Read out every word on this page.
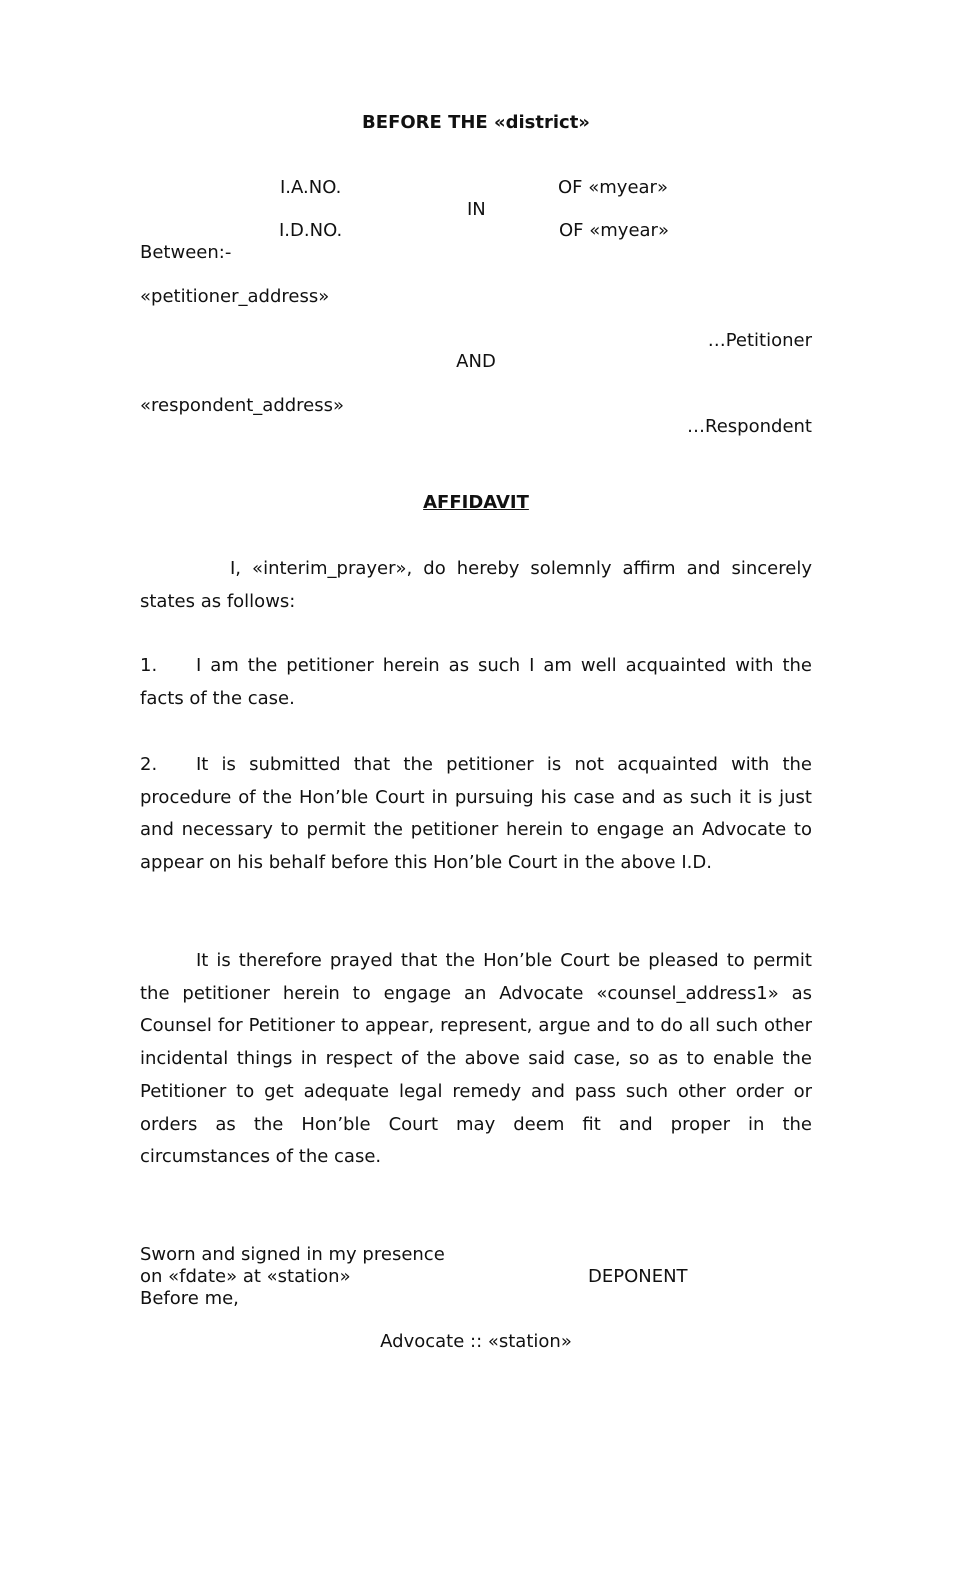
BEFORE THE «district»
I.A.NO.	OF «myear»
IN
I.D.NO.	OF «myear»
Between:-
«petitioner_address»
…Petitioner
AND
«respondent_address»
…Respondent
AFFIDAVIT
I, «interim_prayer», do hereby solemnly affirm and sincerely states as follows:
1. I am the petitioner herein as such I am well acquainted with the facts of the case.
2. It is submitted that the petitioner is not acquainted with the procedure of the Hon’ble Court in pursuing his case and as such it is just and necessary to permit the petitioner herein to engage an Advocate to appear on his behalf before this Hon’ble Court in the above I.D.
It is therefore prayed that the Hon’ble Court be pleased to permit the petitioner herein to engage an Advocate «counsel_address1» as Counsel for Petitioner to appear, represent, argue and to do all such other incidental things in respect of the above said case, so as to enable the Petitioner to get adequate legal remedy and pass such other order or orders as the Hon’ble Court may deem fit and proper in the circumstances of the case.
Sworn and signed in my presence
on «fdate» at «station»	DEPONENT
Before me,
Advocate :: «station»
